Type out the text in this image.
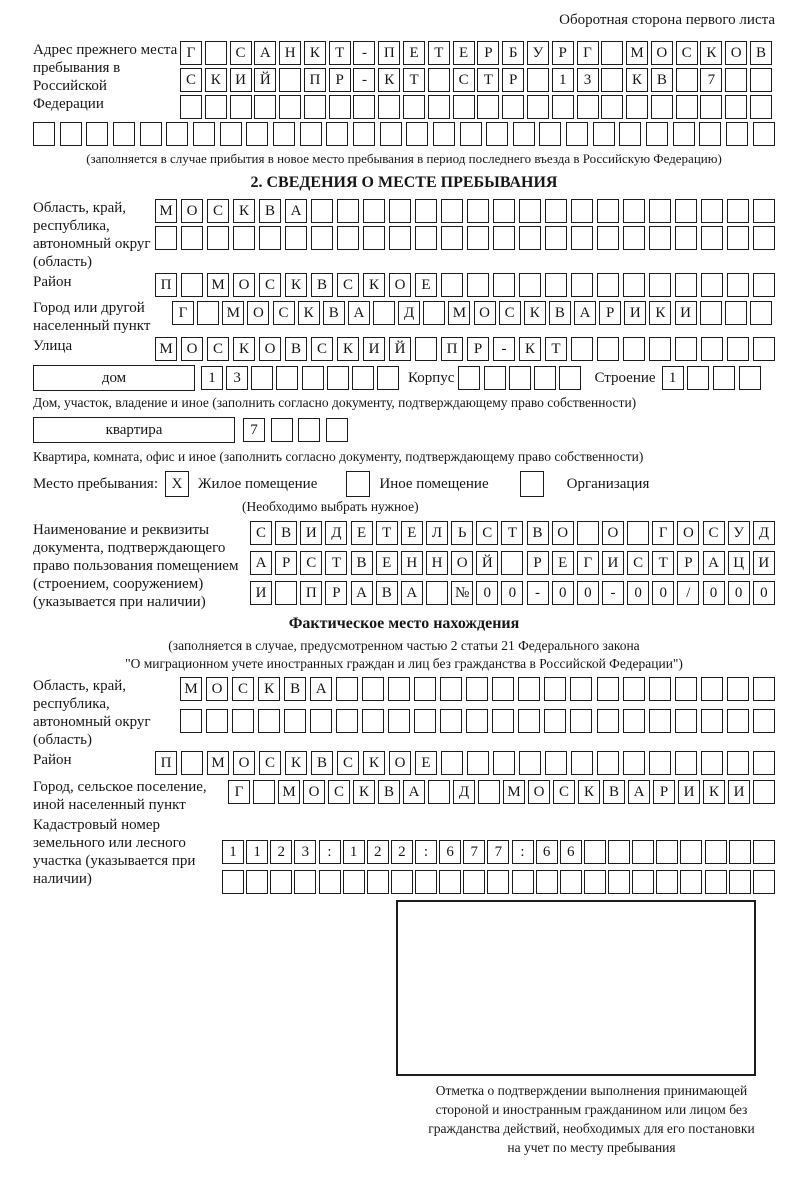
Оборотная сторона первого листа
Адрес прежнего места пребывания в Российской Федерации
Г	С А Н К	Т	-	П Е	Т	Е	Р	Б	У	Р	Г	М О С К О В
С К И Й	П	Р	-	К	Т	С	Т	Р	1	3	К В	7
(заполняется в случае прибытия в новое место пребывания в период последнего въезда в Российскую Федерацию)
2. СВЕДЕНИЯ О МЕСТЕ ПРЕБЫВАНИЯ
Область, край, республика, автономный округ (область)
М О	С	К	В	А
Район	П	М О	С	К	В	С	К	О	Е
Город или другой населенный пункт
Г	М О С	К	В А	Д	М О С	К	В А	Р	И К И
Улица	М О	С	К	О	В	С	К	И	Й	П	Р	-	К	Т
дом	1	3	Корпус	Строение 1
Дом, участок, владение и иное (заполнить согласно документу, подтверждающему право собственности)
квартира	7
Квартира, комната, офис и иное (заполнить согласно документу, подтверждающему право собственности)
Место пребывания: X	Жилое помещение	Иное помещение	Организация
(Необходимо выбрать нужное)
Наименование и реквизиты документа, подтверждающего право пользования помещением (строением, сооружением) (указывается при наличии)
С	В И Д	Е	Т	Е	Л	Ь	С	Т	В О	О	Г	О С У Д
А	Р	С	Т	В	Е	Н Н О Й	Р	Е	Г	И С	Т	Р	А Ц И
И	П	Р	А В А	№ 0	0	-	0	0	-	0	0	/	0	0	0
Фактическое место нахождения
(заполняется в случае, предусмотренном частью 2 статьи 21 Федерального закона
"О миграционном учете иностранных граждан и лиц без гражданства в Российской Федерации")
Область, край, республика, автономный округ (область)
М О	С	К	В	А
Район	П	М О	С	К	В	С	К	О	Е
Город, сельское поселение, иной населенный пункт
Г	М О С К В А	Д	М О С К В А	Р	И К И
Кадастровый номер земельного или лесного участка (указывается при наличии)
1	1	2	3	:	1	2	2	:	6	7	7	:	6	6
Отметка о подтверждении выполнения принимающей
стороной и иностранным гражданином или лицом без
гражданства действий, необходимых для его постановки
на учет по месту пребывания
